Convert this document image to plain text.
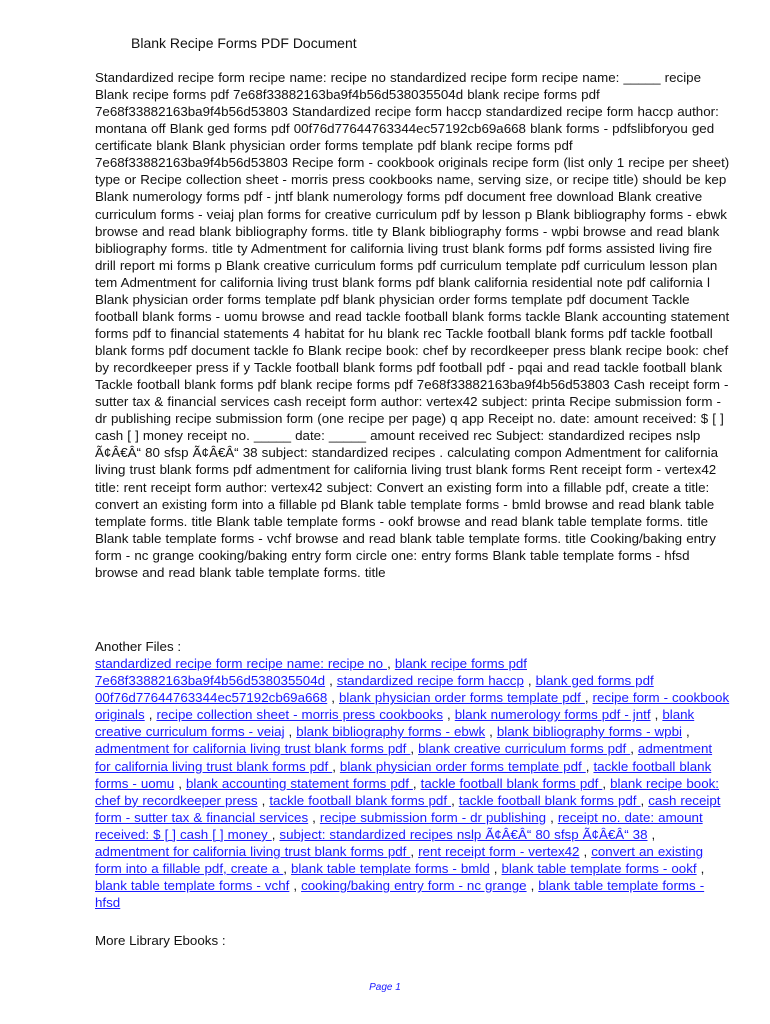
Blank Recipe Forms PDF Document
Standardized recipe form recipe name: recipe no standardized recipe form recipe name: _____ recipe Blank recipe forms pdf 7e68f33882163ba9f4b56d538035504d blank recipe forms pdf 7e68f33882163ba9f4b56d53803 Standardized recipe form haccp standardized recipe form haccp author: montana off Blank ged forms pdf 00f76d77644763344ec57192cb69a668 blank forms - pdfslibforyou ged certificate blank Blank physician order forms template pdf blank recipe forms pdf 7e68f33882163ba9f4b56d53803 Recipe form - cookbook originals recipe form (list only 1 recipe per sheet) type or Recipe collection sheet - morris press cookbooks name, serving size, or recipe title) should be kep Blank numerology forms pdf - jntf blank numerology forms pdf document free download Blank creative curriculum forms - veiaj plan forms for creative curriculum pdf by lesson p Blank bibliography forms - ebwk browse and read blank bibliography forms. title ty Blank bibliography forms - wpbi browse and read blank bibliography forms. title ty Admentment for california living trust blank forms pdf forms assisted living fire drill report mi forms p Blank creative curriculum forms pdf curriculum template pdf curriculum lesson plan tem Admentment for california living trust blank forms pdf blank california residential note pdf california l Blank physician order forms template pdf blank physician order forms template pdf document Tackle football blank forms - uomu browse and read tackle football blank forms tackle Blank accounting statement forms pdf to financial statements 4 habitat for hu blank rec Tackle football blank forms pdf tackle football blank forms pdf document tackle fo Blank recipe book: chef by recordkeeper press blank recipe book: chef by recordkeeper press if y Tackle football blank forms pdf football pdf - pqai and read tackle football blank Tackle football blank forms pdf blank recipe forms pdf 7e68f33882163ba9f4b56d53803 Cash receipt form - sutter tax & financial services cash receipt form author: vertex42 subject: printa Recipe submission form - dr publishing recipe submission form (one recipe per page) q app Receipt no. date: amount received: $ [ ] cash [ ] money receipt no. _____ date: _____ amount received rec Subject: standardized recipes nslp Ã¢Â€Â“ 80 sfsp Ã¢Â€Â“ 38 subject: standardized recipes . calculating compon Admentment for california living trust blank forms pdf admentment for california living trust blank forms Rent receipt form - vertex42 title: rent receipt form author: vertex42 subject: Convert an existing form into a fillable pdf, create a title: convert an existing form into a fillable pd Blank table template forms - bmld browse and read blank table template forms. title Blank table template forms - ookf browse and read blank table template forms. title Blank table template forms - vchf browse and read blank table template forms. title Cooking/baking entry form - nc grange cooking/baking entry form circle one: entry forms Blank table template forms - hfsd browse and read blank table template forms. title
Another Files :
standardized recipe form recipe name: recipe no , blank recipe forms pdf 7e68f33882163ba9f4b56d538035504d , standardized recipe form haccp , blank ged forms pdf 00f76d77644763344ec57192cb69a668 , blank physician order forms template pdf , recipe form - cookbook originals , recipe collection sheet - morris press cookbooks , blank numerology forms pdf - jntf , blank creative curriculum forms - veiaj , blank bibliography forms - ebwk , blank bibliography forms - wpbi , admentment for california living trust blank forms pdf , blank creative curriculum forms pdf , admentment for california living trust blank forms pdf , blank physician order forms template pdf , tackle football blank forms - uomu , blank accounting statement forms pdf , tackle football blank forms pdf , blank recipe book: chef by recordkeeper press , tackle football blank forms pdf , tackle football blank forms pdf , cash receipt form - sutter tax & financial services , recipe submission form - dr publishing , receipt no. date: amount received: $ [ ] cash [ ] money , subject: standardized recipes nslp Ã¢Â€Â“ 80 sfsp Ã¢Â€Â“ 38 , admentment for california living trust blank forms pdf , rent receipt form - vertex42 , convert an existing form into a fillable pdf, create a , blank table template forms - bmld , blank table template forms - ookf , blank table template forms - vchf , cooking/baking entry form - nc grange , blank table template forms - hfsd
More Library Ebooks :
Page 1
